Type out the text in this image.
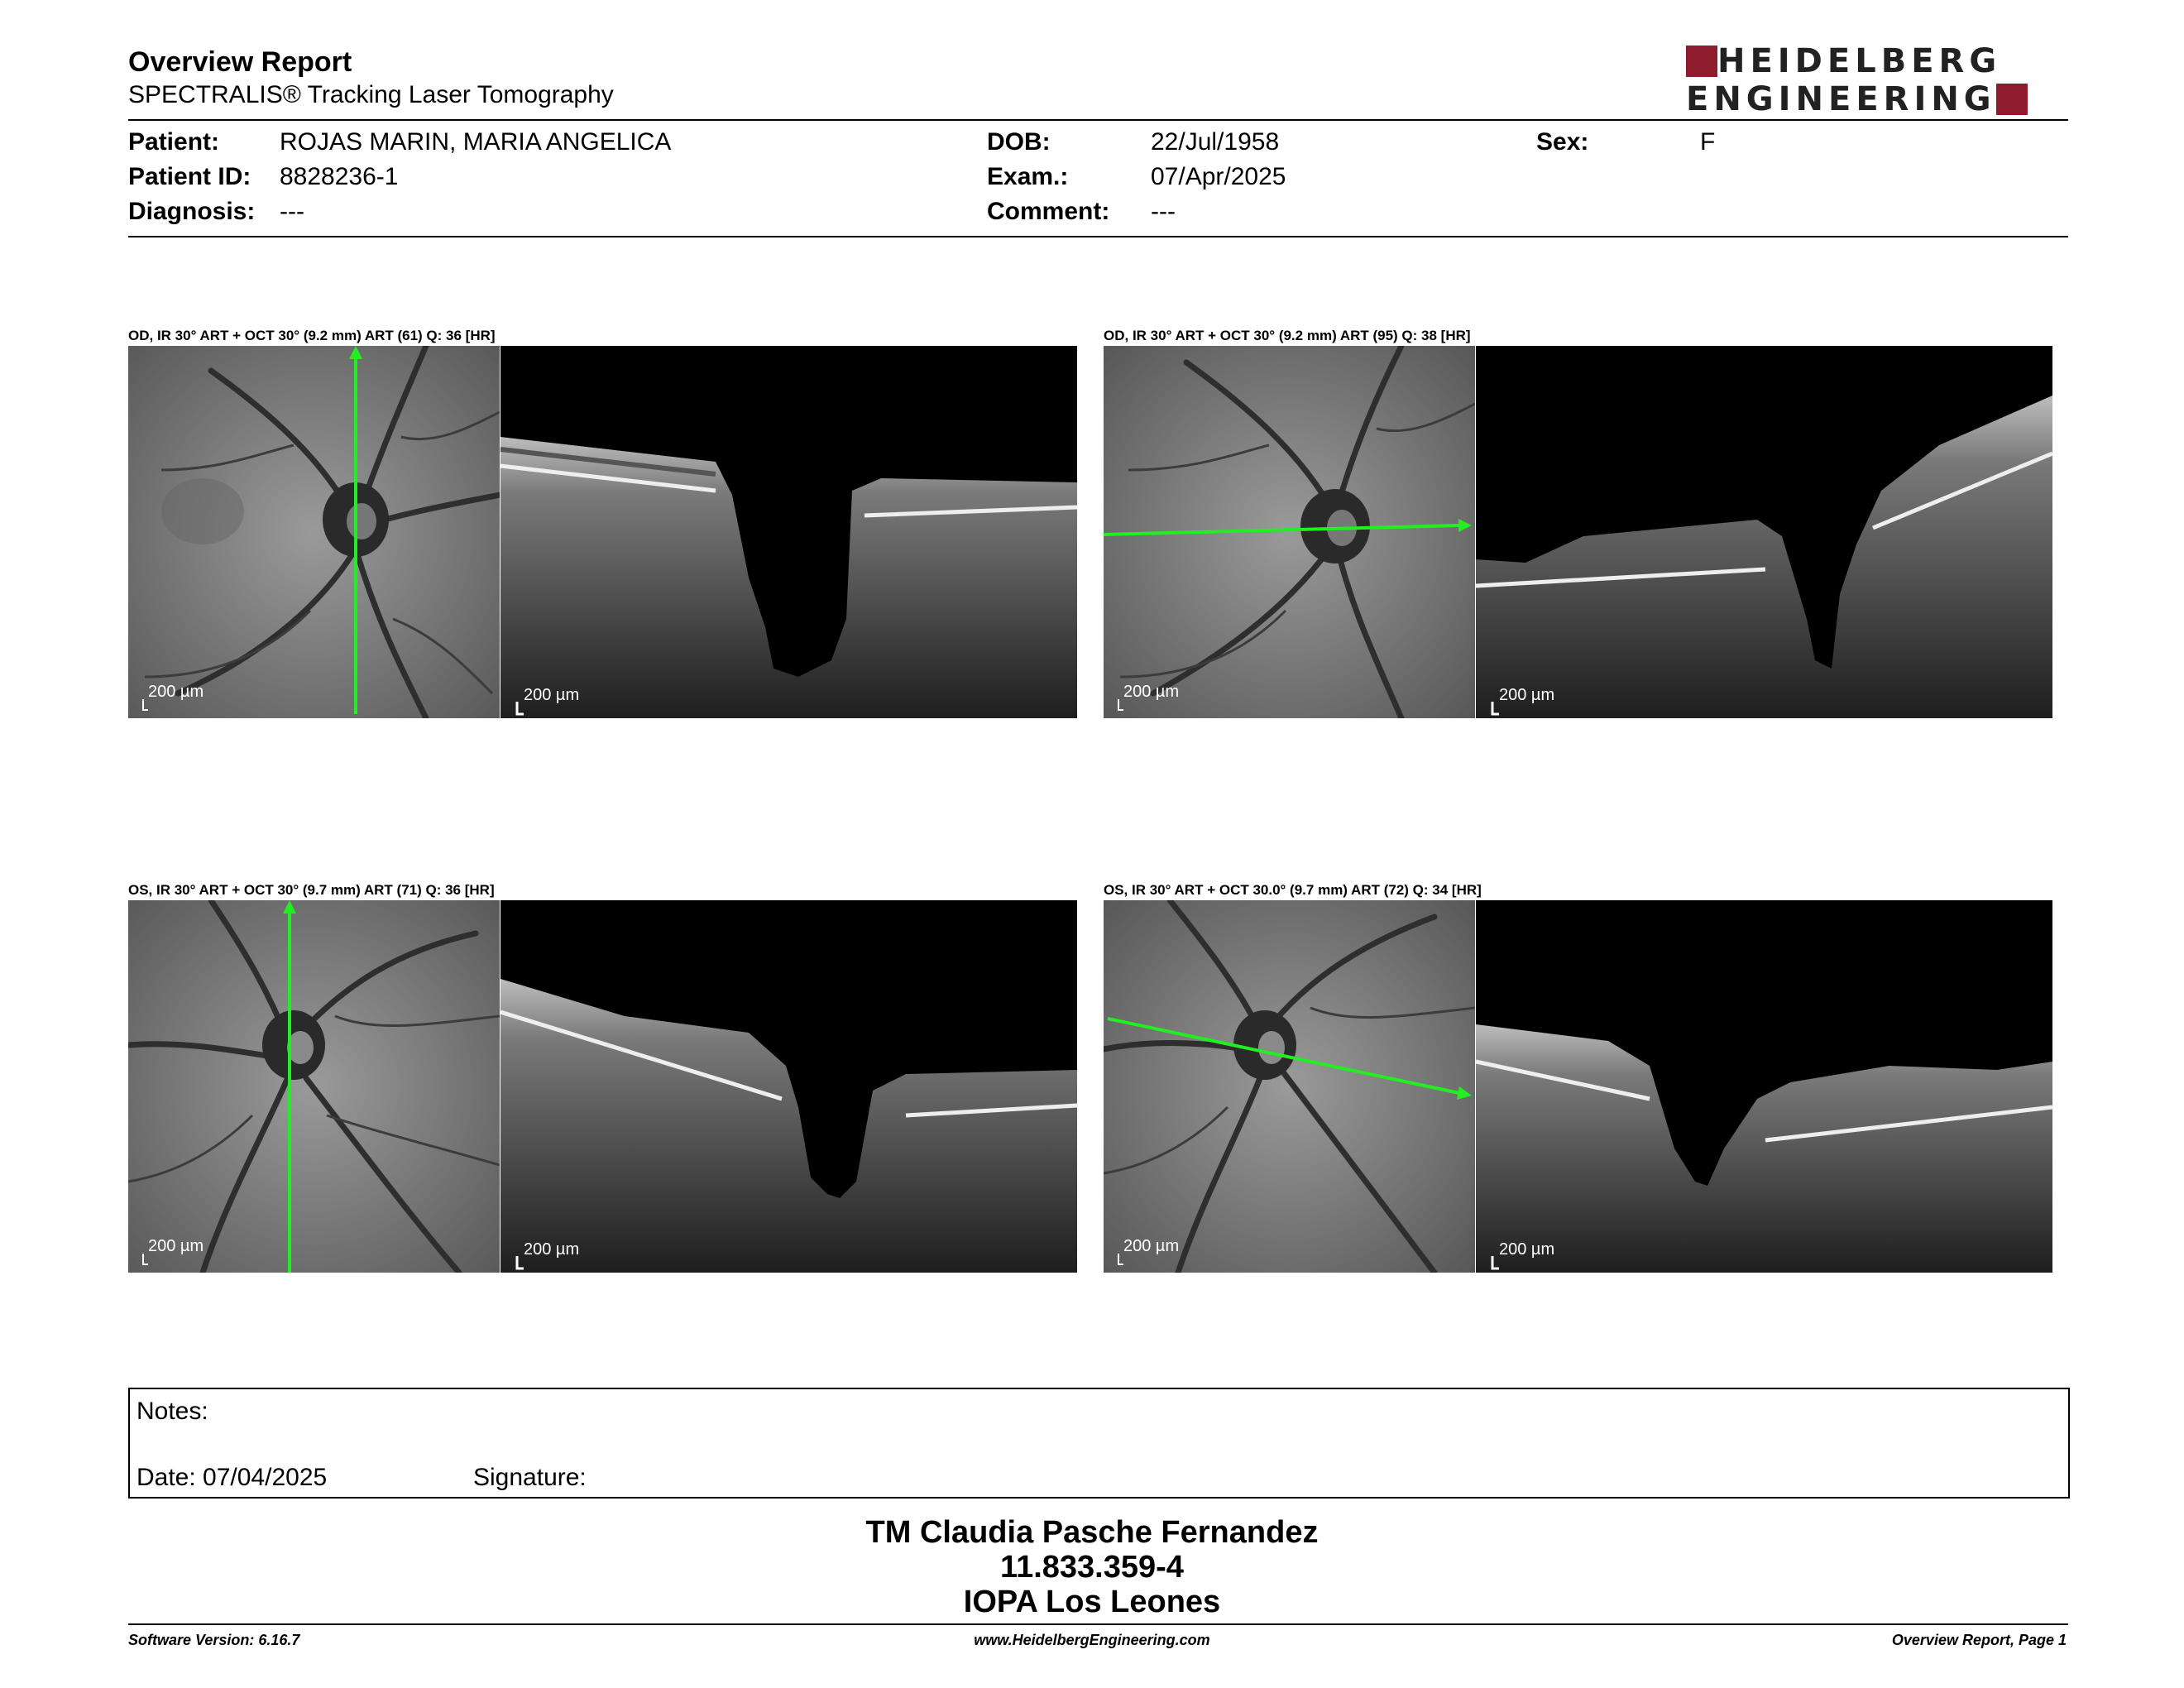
Overview Report
SPECTRALIS® Tracking Laser Tomography
HEIDELBERG
ENGINEERING
Patient: ROJAS MARIN, MARIA ANGELICA
Patient ID: 8828236-1
Diagnosis: ---
DOB:	22/Jul/1958
Exam.:	07/Apr/2025
Comment: ---
Sex:	F
OD, IR 30° ART + OCT 30° (9.2 mm) ART (61) Q: 36 [HR]
200 µm	200 µm
OD, IR 30° ART + OCT 30° (9.2 mm) ART (95) Q: 38 [HR]
200 µm	200 µm
OS, IR 30° ART + OCT 30° (9.7 mm) ART (71) Q: 36 [HR]
200 µm	200 µm
OS, IR 30° ART + OCT 30.0° (9.7 mm) ART (72) Q: 34 [HR]
200 µm	200 µm
Notes:
Date: 07/04/2025	Signature:
TM Claudia Pasche Fernandez
11.833.359-4
IOPA Los Leones
Software Version: 6.16.7	www.HeidelbergEngineering.com	Overview Report, Page 1
